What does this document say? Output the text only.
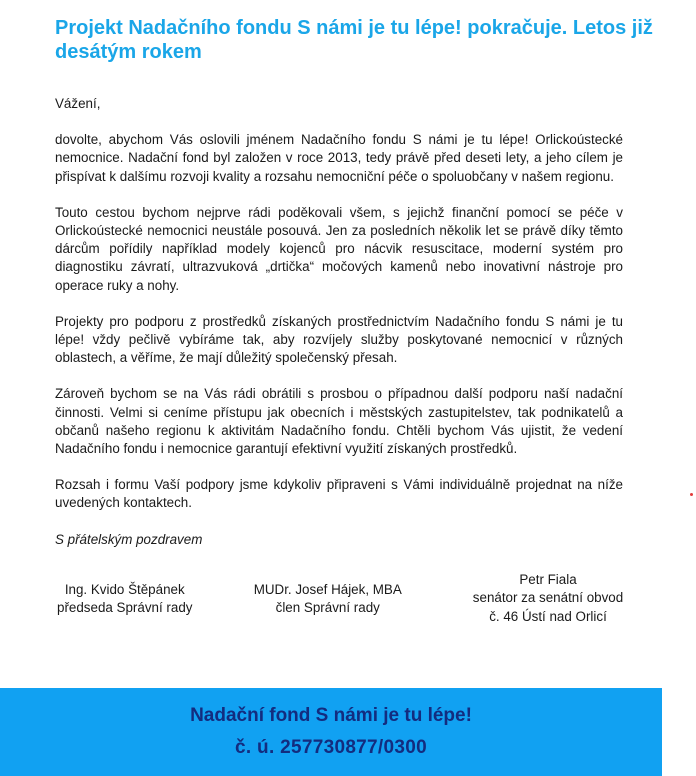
Projekt Nadačního fondu S námi je tu lépe! pokračuje. Letos již desátým rokem

Vážení,

dovolte, abychom Vás oslovili jménem Nadačního fondu S námi je tu lépe! Orlickoústecké nemocnice. Nadační fond byl založen v roce 2013, tedy právě před deseti lety, a jeho cílem je přispívat k dalšímu rozvoji kvality a rozsahu nemocniční péče o spoluobčany v našem regionu.

Touto cestou bychom nejprve rádi poděkovali všem, s jejichž finanční pomocí se péče v Orlickoústecké nemocnici neustále posouvá. Jen za posledních několik let se právě díky těmto dárcům pořídily například modely kojenců pro nácvik resuscitace, moderní systém pro diagnostiku závratí, ultrazvuková „drtička“ močových kamenů nebo inovativní nástroje pro operace ruky a nohy.

Projekty pro podporu z prostředků získaných prostřednictvím Nadačního fondu S námi je tu lépe! vždy pečlivě vybíráme tak, aby rozvíjely služby poskytované nemocnicí v různých oblastech, a věříme, že mají důležitý společenský přesah.

Zároveň bychom se na Vás rádi obrátili s prosbou o případnou další podporu naší nadační činnosti. Velmi si ceníme přístupu jak obecních i městských zastupitelstev, tak podnikatelů a občanů našeho regionu k aktivitám Nadačního fondu. Chtěli bychom Vás ujistit, že vedení Nadačního fondu i nemocnice garantují efektivní využití získaných prostředků.

Rozsah i formu Vaší podpory jsme kdykoliv připraveni s Vámi individuálně projednat na níže uvedených kontaktech.

S přátelským pozdravem

Ing. Kvido Štěpánek
předseda Správní rady
MUDr. Josef Hájek, MBA
člen Správní rady
Petr Fiala
senátor za senátní obvod
č. 46 Ústí nad Orlicí
Nadační fond S námi je tu lépe!
č. ú. 257730877/0300
